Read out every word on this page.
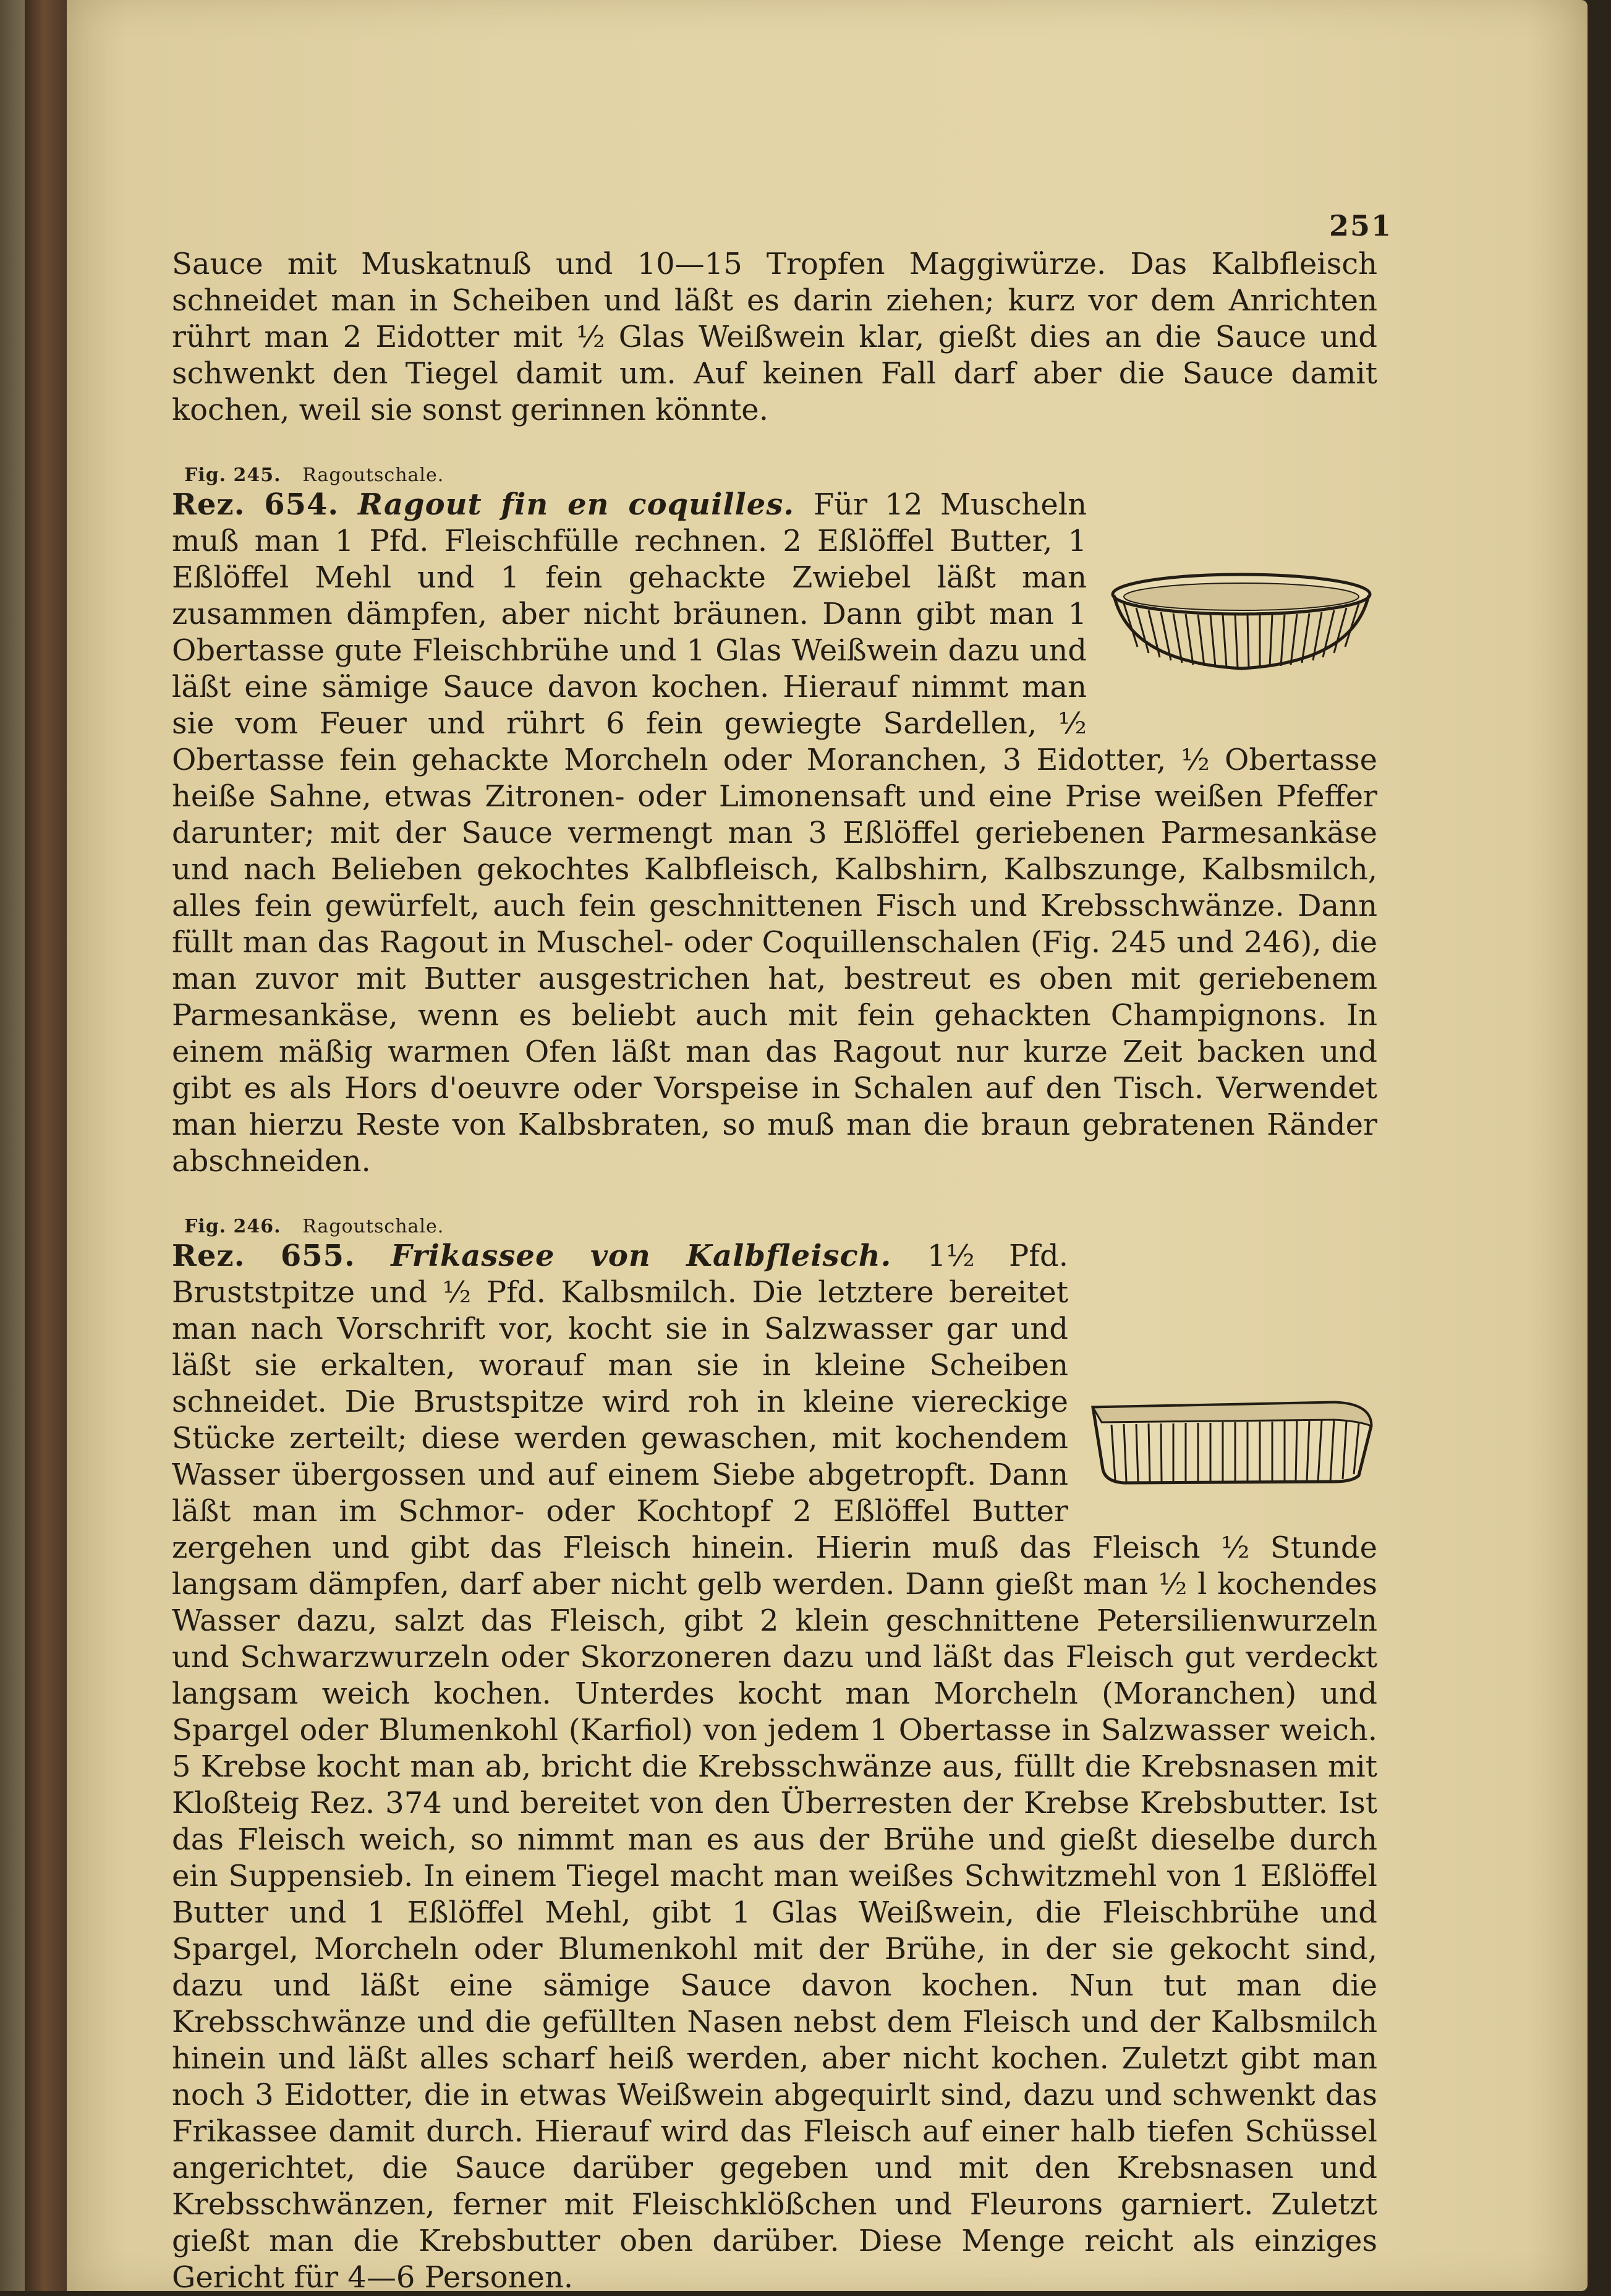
251

Sauce mit Muskatnuß und 10—15 Tropfen Maggiwürze. Das Kalbfleisch schneidet man in Scheiben und läßt es darin ziehen; kurz vor dem Anrichten rührt man 2 Eidotter mit ½ Glas Weißwein klar, gießt dies an die Sauce und schwenkt den Tiegel damit um. Auf keinen Fall darf aber die Sauce damit kochen, weil sie sonst gerinnen könnte.

Fig. 245. Ragoutschale.
Rez. 654. Ragout fin en coquilles. Für 12 Muscheln muß man 1 Pfd. Fleischfülle rechnen. 2 Eßlöffel Butter, 1 Eßlöffel Mehl und 1 fein gehackte Zwiebel läßt man zusammen dämpfen, aber nicht bräunen. Dann gibt man 1 Obertasse gute Fleischbrühe und 1 Glas Weißwein dazu und läßt eine sämige Sauce davon kochen. Hierauf nimmt man sie vom Feuer und rührt 6 fein gewiegte Sardellen, ½ Obertasse fein gehackte Morcheln oder Moranchen, 3 Eidotter, ½ Obertasse heiße Sahne, etwas Zitronen- oder Limonensaft und eine Prise weißen Pfeffer darunter; mit der Sauce vermengt man 3 Eßlöffel geriebenen Parmesankäse und nach Belieben gekochtes Kalbfleisch, Kalbshirn, Kalbszunge, Kalbsmilch, alles fein gewürfelt, auch fein geschnittenen Fisch und Krebsschwänze. Dann füllt man das Ragout in Muschel- oder Coquillenschalen (Fig. 245 und 246), die man zuvor mit Butter ausgestrichen hat, bestreut es oben mit geriebenem Parmesankäse, wenn es beliebt auch mit fein gehackten Champignons. In einem mäßig warmen Ofen läßt man das Ragout nur kurze Zeit backen und gibt es als Hors d'oeuvre oder Vorspeise in Schalen auf den Tisch. Verwendet man hierzu Reste von Kalbsbraten, so muß man die braun gebratenen Ränder abschneiden.

Fig. 246. Ragoutschale.
Rez. 655. Frikassee von Kalbfleisch. 1½ Pfd. Bruststpitze und ½ Pfd. Kalbsmilch. Die letztere bereitet man nach Vorschrift vor, kocht sie in Salzwasser gar und läßt sie erkalten, worauf man sie in kleine Scheiben schneidet. Die Brustspitze wird roh in kleine viereckige Stücke zerteilt; diese werden gewaschen, mit kochendem Wasser übergossen und auf einem Siebe abgetropft. Dann läßt man im Schmor- oder Kochtopf 2 Eßlöffel Butter zergehen und gibt das Fleisch hinein. Hierin muß das Fleisch ½ Stunde langsam dämpfen, darf aber nicht gelb werden. Dann gießt man ½ l kochendes Wasser dazu, salzt das Fleisch, gibt 2 klein geschnittene Petersilienwurzeln und Schwarzwurzeln oder Skorzoneren dazu und läßt das Fleisch gut verdeckt langsam weich kochen. Unterdes kocht man Morcheln (Moranchen) und Spargel oder Blumenkohl (Karfiol) von jedem 1 Obertasse in Salzwasser weich. 5 Krebse kocht man ab, bricht die Krebsschwänze aus, füllt die Krebsnasen mit Kloßteig Rez. 374 und bereitet von den Überresten der Krebse Krebsbutter. Ist das Fleisch weich, so nimmt man es aus der Brühe und gießt dieselbe durch ein Suppensieb. In einem Tiegel macht man weißes Schwitzmehl von 1 Eßlöffel Butter und 1 Eßlöffel Mehl, gibt 1 Glas Weißwein, die Fleischbrühe und Spargel, Morcheln oder Blumenkohl mit der Brühe, in der sie gekocht sind, dazu und läßt eine sämige Sauce davon kochen. Nun tut man die Krebsschwänze und die gefüllten Nasen nebst dem Fleisch und der Kalbsmilch hinein und läßt alles scharf heiß werden, aber nicht kochen. Zuletzt gibt man noch 3 Eidotter, die in etwas Weißwein abgequirlt sind, dazu und schwenkt das Frikassee damit durch. Hierauf wird das Fleisch auf einer halb tiefen Schüssel angerichtet, die Sauce darüber gegeben und mit den Krebsnasen und Krebsschwänzen, ferner mit Fleischklößchen und Fleurons garniert. Zuletzt gießt man die Krebsbutter oben darüber. Diese Menge reicht als einziges Gericht für 4—6 Personen.
